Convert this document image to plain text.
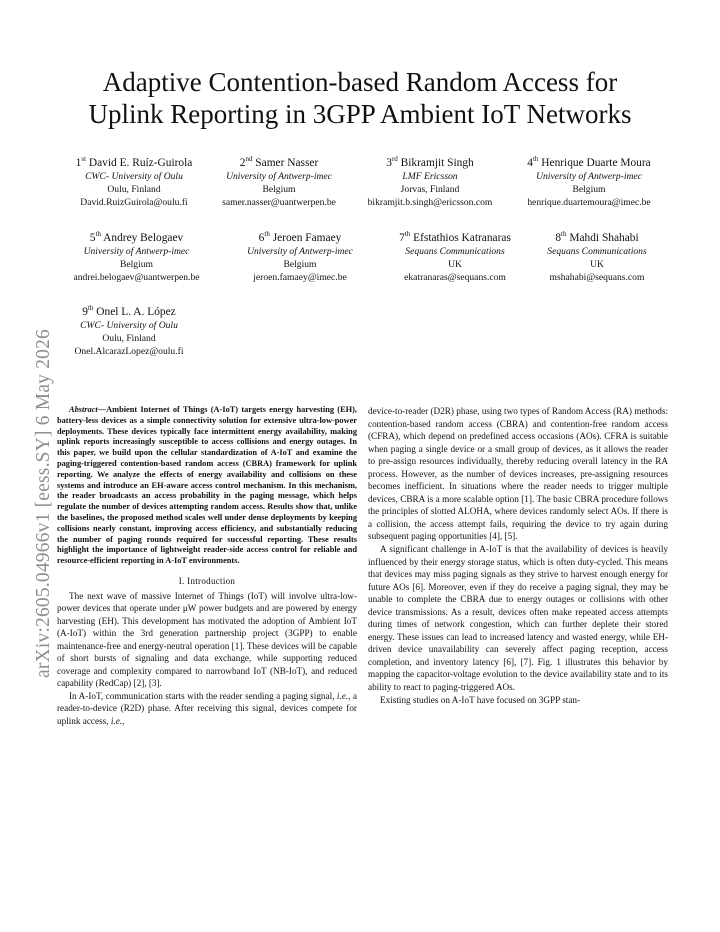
arXiv:2605.04966v1 [eess.SY] 6 May 2026
Adaptive Contention-based Random Access for
Uplink Reporting in 3GPP Ambient IoT Networks
1st David E. Ruíz-Guirola
CWC- University of Oulu
Oulu, Finland
David.RuizGuirola@oulu.fi
2nd Samer Nasser
University of Antwerp-imec
Belgium
samer.nasser@uantwerpen.be
3rd Bikramjit Singh
LMF Ericsson
Jorvas, Finland
bikramjit.b.singh@ericsson.com
4th Henrique Duarte Moura
University of Antwerp-imec
Belgium
henrique.duartemoura@imec.be
5th Andrey Belogaev
University of Antwerp-imec
Belgium
andrei.belogaev@uantwerpen.be
6th Jeroen Famaey
University of Antwerp-imec
Belgium
jeroen.famaey@imec.be
7th Efstathios Katranaras
Sequans Communications
UK
ekatranaras@sequans.com
8th Mahdi Shahabi
Sequans Communications
UK
mshahabi@sequans.com
9th Onel L. A. López
CWC- University of Oulu
Oulu, Finland
Onel.AlcarazLopez@oulu.fi

Abstract—Ambient Internet of Things (A-IoT) targets energy harvesting (EH), battery-less devices as a simple connectivity solution for extensive ultra-low-power deployments. These devices typically face intermittent energy availability, making uplink reports increasingly susceptible to access collisions and energy outages. In this paper, we build upon the cellular standardization of A-IoT and examine the paging-triggered contention-based random access (CBRA) framework for uplink reporting. We analyze the effects of energy availability and collisions on these systems and introduce an EH-aware access control mechanism. In this mechanism, the reader broadcasts an access probability in the paging message, which helps regulate the number of devices attempting random access. Results show that, unlike the baselines, the proposed method scales well under dense deployments by keeping collisions nearly constant, improving access efficiency, and substantially reducing the number of paging rounds required for successful reporting. These results highlight the importance of lightweight reader-side access control for reliable and resource-efficient reporting in A-IoT environments.

I. Introduction

The next wave of massive Internet of Things (IoT) will involve ultra-low-power devices that operate under μW power budgets and are powered by energy harvesting (EH). This development has motivated the adoption of Ambient IoT (A-IoT) within the 3rd generation partnership project (3GPP) to enable maintenance-free and energy-neutral operation [1]. These devices will be capable of short bursts of signaling and data exchange, while supporting reduced coverage and complexity compared to narrowband IoT (NB-IoT), and reduced capability (RedCap) [2], [3].

In A-IoT, communication starts with the reader sending a paging signal, i.e., a reader-to-device (R2D) phase. After receiving this signal, devices compete for uplink access, i.e.,

device-to-reader (D2R) phase, using two types of Random Access (RA) methods: contention-based random access (CBRA) and contention-free random access (CFRA), which depend on predefined access occasions (AOs). CFRA is suitable when paging a single device or a small group of devices, as it allows the reader to pre-assign resources individually, thereby reducing overall latency in the RA process. However, as the number of devices increases, pre-assigning resources becomes inefficient. In situations where the reader needs to trigger multiple devices, CBRA is a more scalable option [1]. The basic CBRA procedure follows the principles of slotted ALOHA, where devices randomly select AOs. If there is a collision, the access attempt fails, requiring the device to try again during subsequent paging opportunities [4], [5].

A significant challenge in A-IoT is that the availability of devices is heavily influenced by their energy storage status, which is often duty-cycled. This means that devices may miss paging signals as they strive to harvest enough energy for future AOs [6]. Moreover, even if they do receive a paging signal, they may be unable to complete the CBRA due to energy outages or collisions with other device transmissions. As a result, devices often make repeated access attempts during times of network congestion, which can further deplete their stored energy. These issues can lead to increased latency and wasted energy, while EH-driven device unavailability can severely affect paging reception, access completion, and inventory latency [6], [7]. Fig. 1 illustrates this behavior by mapping the capacitor-voltage evolution to the device availability state and to its ability to react to paging-triggered AOs.

Existing studies on A-IoT have focused on 3GPP stan-
